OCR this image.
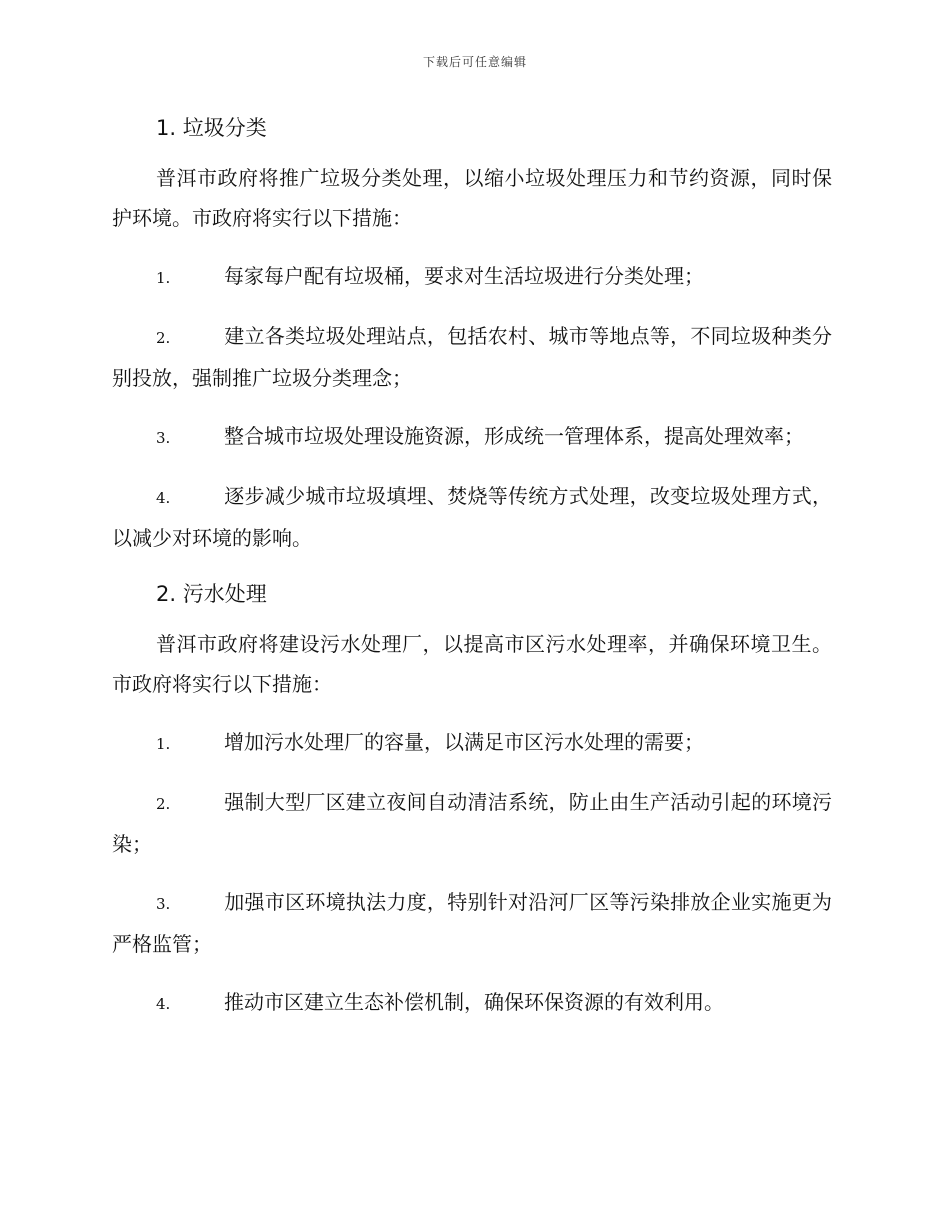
下载后可任意编辑
1. 垃圾分类

普洱市政府将推广垃圾分类处理，以缩小垃圾处理压力和节约资源，同时保护环境。市政府将实行以下措施：

1.	每家每户配有垃圾桶，要求对生活垃圾进行分类处理；
2.	建立各类垃圾处理站点，包括农村、城市等地点等，不同垃圾种类分别投放，强制推广垃圾分类理念；
3.	整合城市垃圾处理设施资源，形成统一管理体系，提高处理效率；
4.	逐步减少城市垃圾填埋、焚烧等传统方式处理，改变垃圾处理方式，以减少对环境的影响。
2. 污水处理

普洱市政府将建设污水处理厂，以提高市区污水处理率，并确保环境卫生。市政府将实行以下措施：

1.	增加污水处理厂的容量，以满足市区污水处理的需要；
2.	强制大型厂区建立夜间自动清洁系统，防止由生产活动引起的环境污染；
3.	加强市区环境执法力度，特别针对沿河厂区等污染排放企业实施更为严格监管；
4.	推动市区建立生态补偿机制，确保环保资源的有效利用。
